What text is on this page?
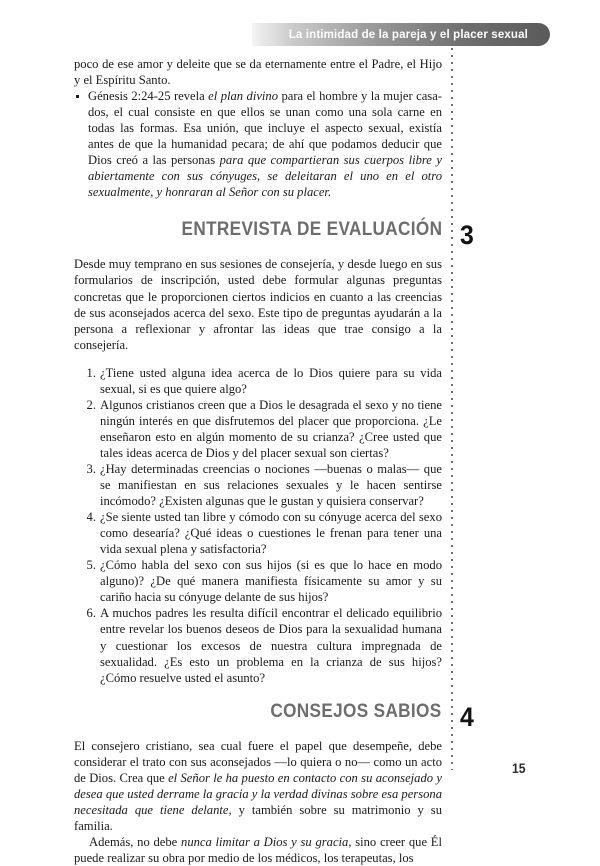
La intimidad de la pareja y el placer sexual

poco de ese amor y deleite que se da eternamente entre el Padre, el Hijo y el Espíritu Santo.

Génesis 2:24-25 revela el plan divino para el hombre y la mujer casa-dos, el cual consiste en que ellos se unan como una sola carne en todas las formas. Esa unión, que incluye el aspecto sexual, existía antes de que la humanidad pecara; de ahí que podamos deducir que Dios creó a las personas para que compartieran sus cuerpos libre y abiertamente con sus cónyuges, se deleitaran el uno en el otro sexualmente, y honraran al Señor con su placer.
ENTREVISTA DE EVALUACIÓN 3

Desde muy temprano en sus sesiones de consejería, y desde luego en sus formularios de inscripción, usted debe formular algunas preguntas concretas que le proporcionen ciertos indicios en cuanto a las creencias de sus aconsejados acerca del sexo. Este tipo de preguntas ayudarán a la persona a reflexionar y afrontar las ideas que trae consigo a la consejería.

1. ¿Tiene usted alguna idea acerca de lo Dios quiere para su vida sexual, si es que quiere algo?
2. Algunos cristianos creen que a Dios le desagrada el sexo y no tiene ningún interés en que disfrutemos del placer que proporciona. ¿Le enseñaron esto en algún momento de su crianza? ¿Cree usted que tales ideas acerca de Dios y del placer sexual son ciertas?
3. ¿Hay determinadas creencias o nociones —buenas o malas— que se manifiestan en sus relaciones sexuales y le hacen sentirse incómodo? ¿Existen algunas que le gustan y quisiera conservar?
4. ¿Se siente usted tan libre y cómodo con su cónyuge acerca del sexo como desearía? ¿Qué ideas o cuestiones le frenan para tener una vida sexual plena y satisfactoria?
5. ¿Cómo habla del sexo con sus hijos (si es que lo hace en modo alguno)? ¿De qué manera manifiesta físicamente su amor y su cariño hacia su cónyuge delante de sus hijos?
6. A muchos padres les resulta difícil encontrar el delicado equilibrio entre revelar los buenos deseos de Dios para la sexualidad humana y cuestionar los excesos de nuestra cultura impregnada de sexualidad. ¿Es esto un problema en la crianza de sus hijos? ¿Cómo resuelve usted el asunto?
CONSEJOS SABIOS 4

El consejero cristiano, sea cual fuere el papel que desempeñe, debe considerar el trato con sus aconsejados —lo quiera o no— como un acto de Dios. Crea que el Señor le ha puesto en contacto con su aconsejado y desea que usted derrame la gracia y la verdad divinas sobre esa persona necesitada que tiene delante, y también sobre su matrimonio y su familia.

Además, no debe nunca limitar a Dios y su gracia, sino creer que Él puede realizar su obra por medio de los médicos, los terapeutas, los

15
